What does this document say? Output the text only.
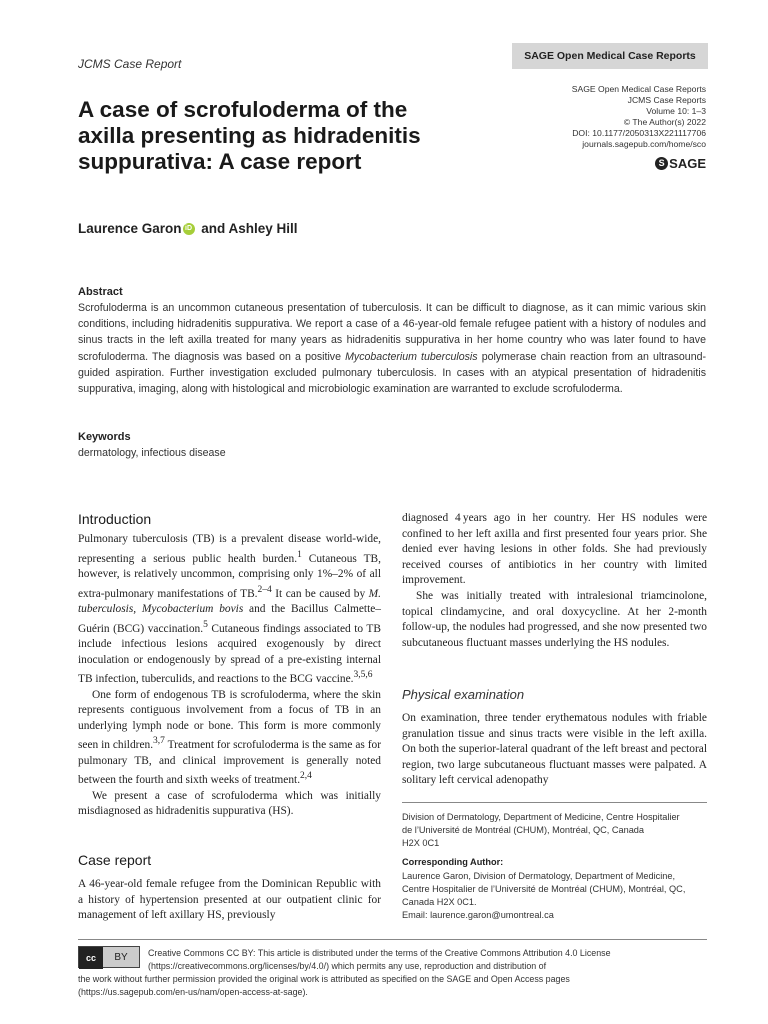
JCMS Case Report
SAGE Open Medical Case Reports
SAGE Open Medical Case Reports
JCMS Case Reports
Volume 10: 1–3
© The Author(s) 2022
DOI: 10.1177/2050313X221117706
journals.sagepub.com/home/sco
S SAGE
A case of scrofuloderma of the axilla presenting as hidradenitis suppurativa: A case report
Laurence Garon iD and Ashley Hill
Abstract
Scrofuloderma is an uncommon cutaneous presentation of tuberculosis. It can be difficult to diagnose, as it can mimic various skin conditions, including hidradenitis suppurativa. We report a case of a 46-year-old female refugee patient with a history of nodules and sinus tracts in the left axilla treated for many years as hidradenitis suppurativa in her home country who was later found to have scrofuloderma. The diagnosis was based on a positive Mycobacterium tuberculosis polymerase chain reaction from an ultrasound-guided aspiration. Further investigation excluded pulmonary tuberculosis. In cases with an atypical presentation of hidradenitis suppurativa, imaging, along with histological and microbiologic examination are warranted to exclude scrofuloderma.
Keywords
dermatology, infectious disease
Introduction

Pulmonary tuberculosis (TB) is a prevalent disease world-wide, representing a serious public health burden.$^1$ Cutaneous TB, however, is relatively uncommon, comprising only 1%–2% of all extra-pulmonary manifestations of TB.$^{2-4}$ It can be caused by M. tuberculosis, Mycobacterium bovis and the Bacillus Calmette–Guérin (BCG) vaccination.$^5$ Cutaneous findings associated to TB include infectious lesions acquired exogenously by direct inoculation or endogenously by spread of a pre-existing internal TB infection, tuberculids, and reactions to the BCG vaccine.$^{3,5,6}$

One form of endogenous TB is scrofuloderma, where the skin represents contiguous involvement from a focus of TB in an underlying lymph node or bone. This form is more commonly seen in children.$^{3,7}$ Treatment for scrofuloderma is the same as for pulmonary TB, and clinical improvement is generally noted between the fourth and sixth weeks of treatment.$^{2,4}$

We present a case of scrofuloderma which was initially misdiagnosed as hidradenitis suppurativa (HS).

Case report

A 46-year-old female refugee from the Dominican Republic with a history of hypertension presented at our outpatient clinic for management of left axillary HS, previously

diagnosed 4 years ago in her country. Her HS nodules were confined to her left axilla and first presented four years prior. She denied ever having lesions in other folds. She had previously received courses of antibiotics in her country with limited improvement.

She was initially treated with intralesional triamcinolone, topical clindamycine, and oral doxycycline. At her 2-month follow-up, the nodules had progressed, and she now presented two subcutaneous fluctuant masses underlying the HS nodules.

Physical examination

On examination, three tender erythematous nodules with friable granulation tissue and sinus tracts were visible in the left axilla. On both the superior-lateral quadrant of the left breast and pectoral region, two large subcutaneous fluctuant masses were palpated. A solitary left cervical adenopathy

Division of Dermatology, Department of Medicine, Centre Hospitalier
de l’Université de Montréal (CHUM), Montréal, QC, Canada
H2X 0C1
Corresponding Author:
Laurence Garon, Division of Dermatology, Department of Medicine,
Centre Hospitalier de l’Université de Montréal (CHUM), Montréal, QC,
Canada H2X 0C1.
Email: laurence.garon@umontreal.ca
cc	BY	Creative Commons CC BY: This article is distributed under the terms of the Creative Commons Attribution 4.0 License
(https://creativecommons.org/licenses/by/4.0/) which permits any use, reproduction and distribution of
the work without further permission provided the original work is attributed as specified on the SAGE and Open Access pages
(https://us.sagepub.com/en-us/nam/open-access-at-sage).
